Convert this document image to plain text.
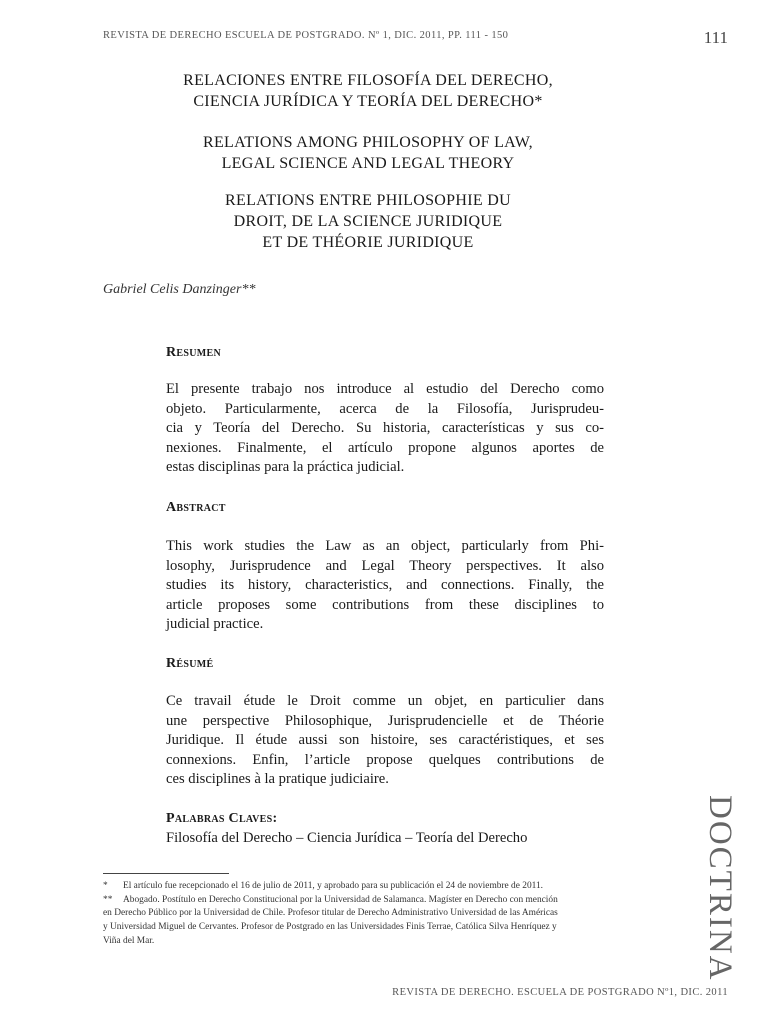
REVISTA DE DERECHO ESCUELA DE POSTGRADO. Nº 1, DIC. 2011, PP. 111 - 150	111
RELACIONES ENTRE FILOSOFÍA DEL DERECHO,
CIENCIA JURÍDICA Y TEORÍA DEL DERECHO*
RELATIONS AMONG PHILOSOPHY OF LAW,
LEGAL SCIENCE AND LEGAL THEORY
RELATIONS ENTRE PHILOSOPHIE DU
DROIT, DE LA SCIENCE JURIDIQUE
ET DE THÉORIE JURIDIQUE
Gabriel Celis Danzinger**
Resumen
El presente trabajo nos introduce al estudio del Derecho como
objeto. Particularmente, acerca de la Filosofía, Jurisprudeu-
cia y Teoría del Derecho. Su historia, características y sus co-
nexiones. Finalmente, el artículo propone algunos aportes de
estas disciplinas para la práctica judicial.
Abstract
This work studies the Law as an object, particularly from Phi-
losophy, Jurisprudence and Legal Theory perspectives. It also
studies its history, characteristics, and connections. Finally, the
article proposes some contributions from these disciplines to
judicial practice.
Résumé
Ce travail étude le Droit comme un objet, en particulier dans
une perspective Philosophique, Jurisprudencielle et de Théorie
Juridique. Il étude aussi son histoire, ses caractéristiques, et ses
connexions. Enfin, l’article propose quelques contributions de
ces disciplines à la pratique judiciaire.
Palabras Claves:
Filosofía del Derecho – Ciencia Jurídica – Teoría del Derecho
* El artículo fue recepcionado el 16 de julio de 2011, y aprobado para su publicación el 24 de noviembre de 2011.
** Abogado. Postítulo en Derecho Constitucional por la Universidad de Salamanca. Magíster en Derecho con mención
en Derecho Público por la Universidad de Chile. Profesor titular de Derecho Administrativo Universidad de las Américas
y Universidad Miguel de Cervantes. Profesor de Postgrado en las Universidades Finis Terrae, Católica Silva Henríquez y
Viña del Mar.	DOCTRINA
REVISTA DE DERECHO. ESCUELA DE POSTGRADO Nº1, DIC. 2011
